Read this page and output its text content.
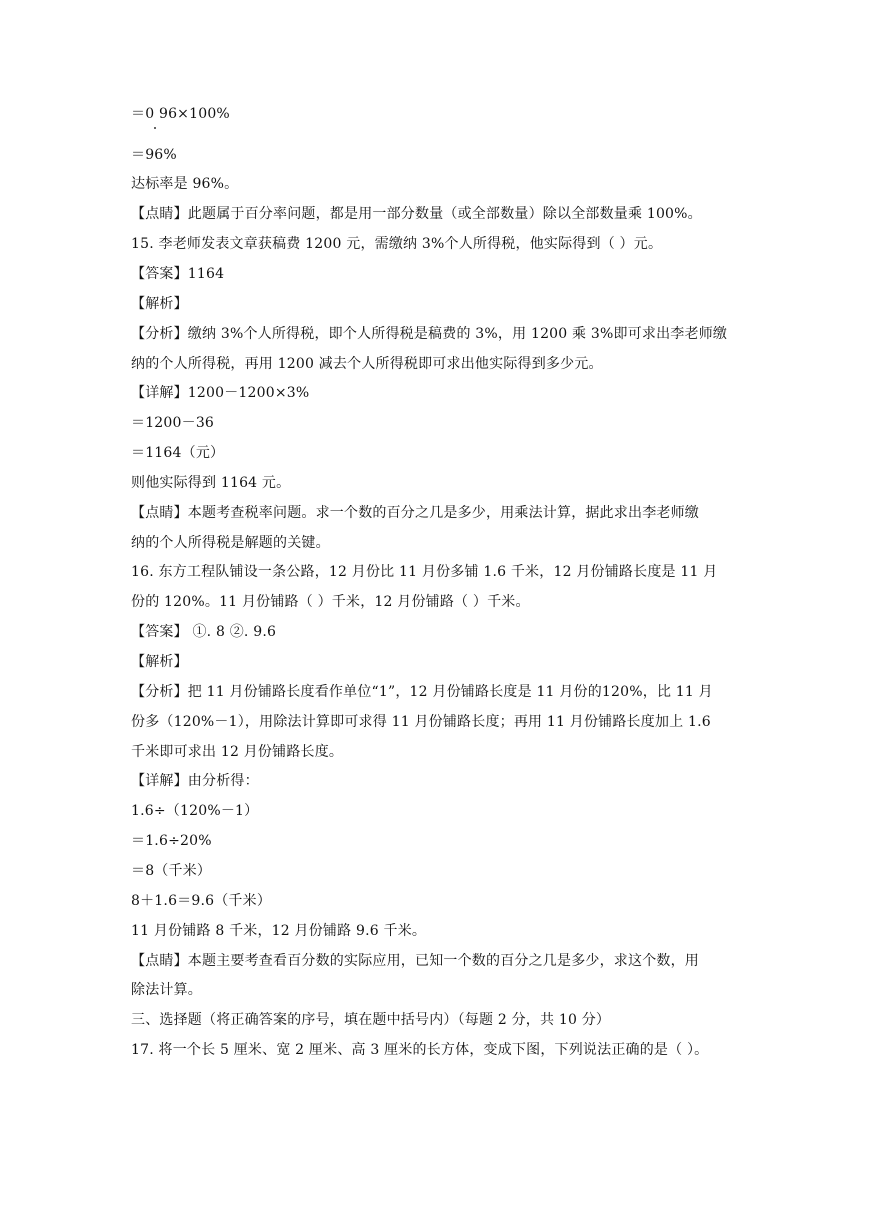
＝0 96×100%
＝96%
达标率是 96%。
【点睛】此题属于百分率问题，都是用一部分数量（或全部数量）除以全部数量乘 100%。
15. 李老师发表文章获稿费 1200 元，需缴纳 3%个人所得税，他实际得到（ ）元。
【答案】1164
【解析】
【分析】缴纳 3%个人所得税，即个人所得税是稿费的 3%，用 1200 乘 3%即可求出李老师缴
纳的个人所得税，再用 1200 减去个人所得税即可求出他实际得到多少元。
【详解】1200－1200×3%
＝1200－36
＝1164（元）
则他实际得到 1164 元。
【点睛】本题考查税率问题。求一个数的百分之几是多少，用乘法计算，据此求出李老师缴
纳的个人所得税是解题的关键。
16. 东方工程队铺设一条公路，12 月份比 11 月份多铺 1.6 千米，12 月份铺路长度是 11 月
份的 120%。11 月份铺路（ ）千米，12 月份铺路（ ）千米。
【答案】 ①. 8 ②. 9.6
【解析】
【分析】把 11 月份铺路长度看作单位“1”，12 月份铺路长度是 11 月份的120%，比 11 月
份多（120%－1），用除法计算即可求得 11 月份铺路长度；再用 11 月份铺路长度加上 1.6
千米即可求出 12 月份铺路长度。
【详解】由分析得：
1.6÷（120%－1）
＝1.6÷20%
＝8（千米）
8＋1.6＝9.6（千米）
11 月份铺路 8 千米，12 月份铺路 9.6 千米。
【点睛】本题主要考查看百分数的实际应用，已知一个数的百分之几是多少，求这个数，用
除法计算。
三、选择题（将正确答案的序号，填在题中括号内）（每题 2 分，共 10 分）
17. 将一个长 5 厘米、宽 2 厘米、高 3 厘米的长方体，变成下图，下列说法正确的是（ ）。
